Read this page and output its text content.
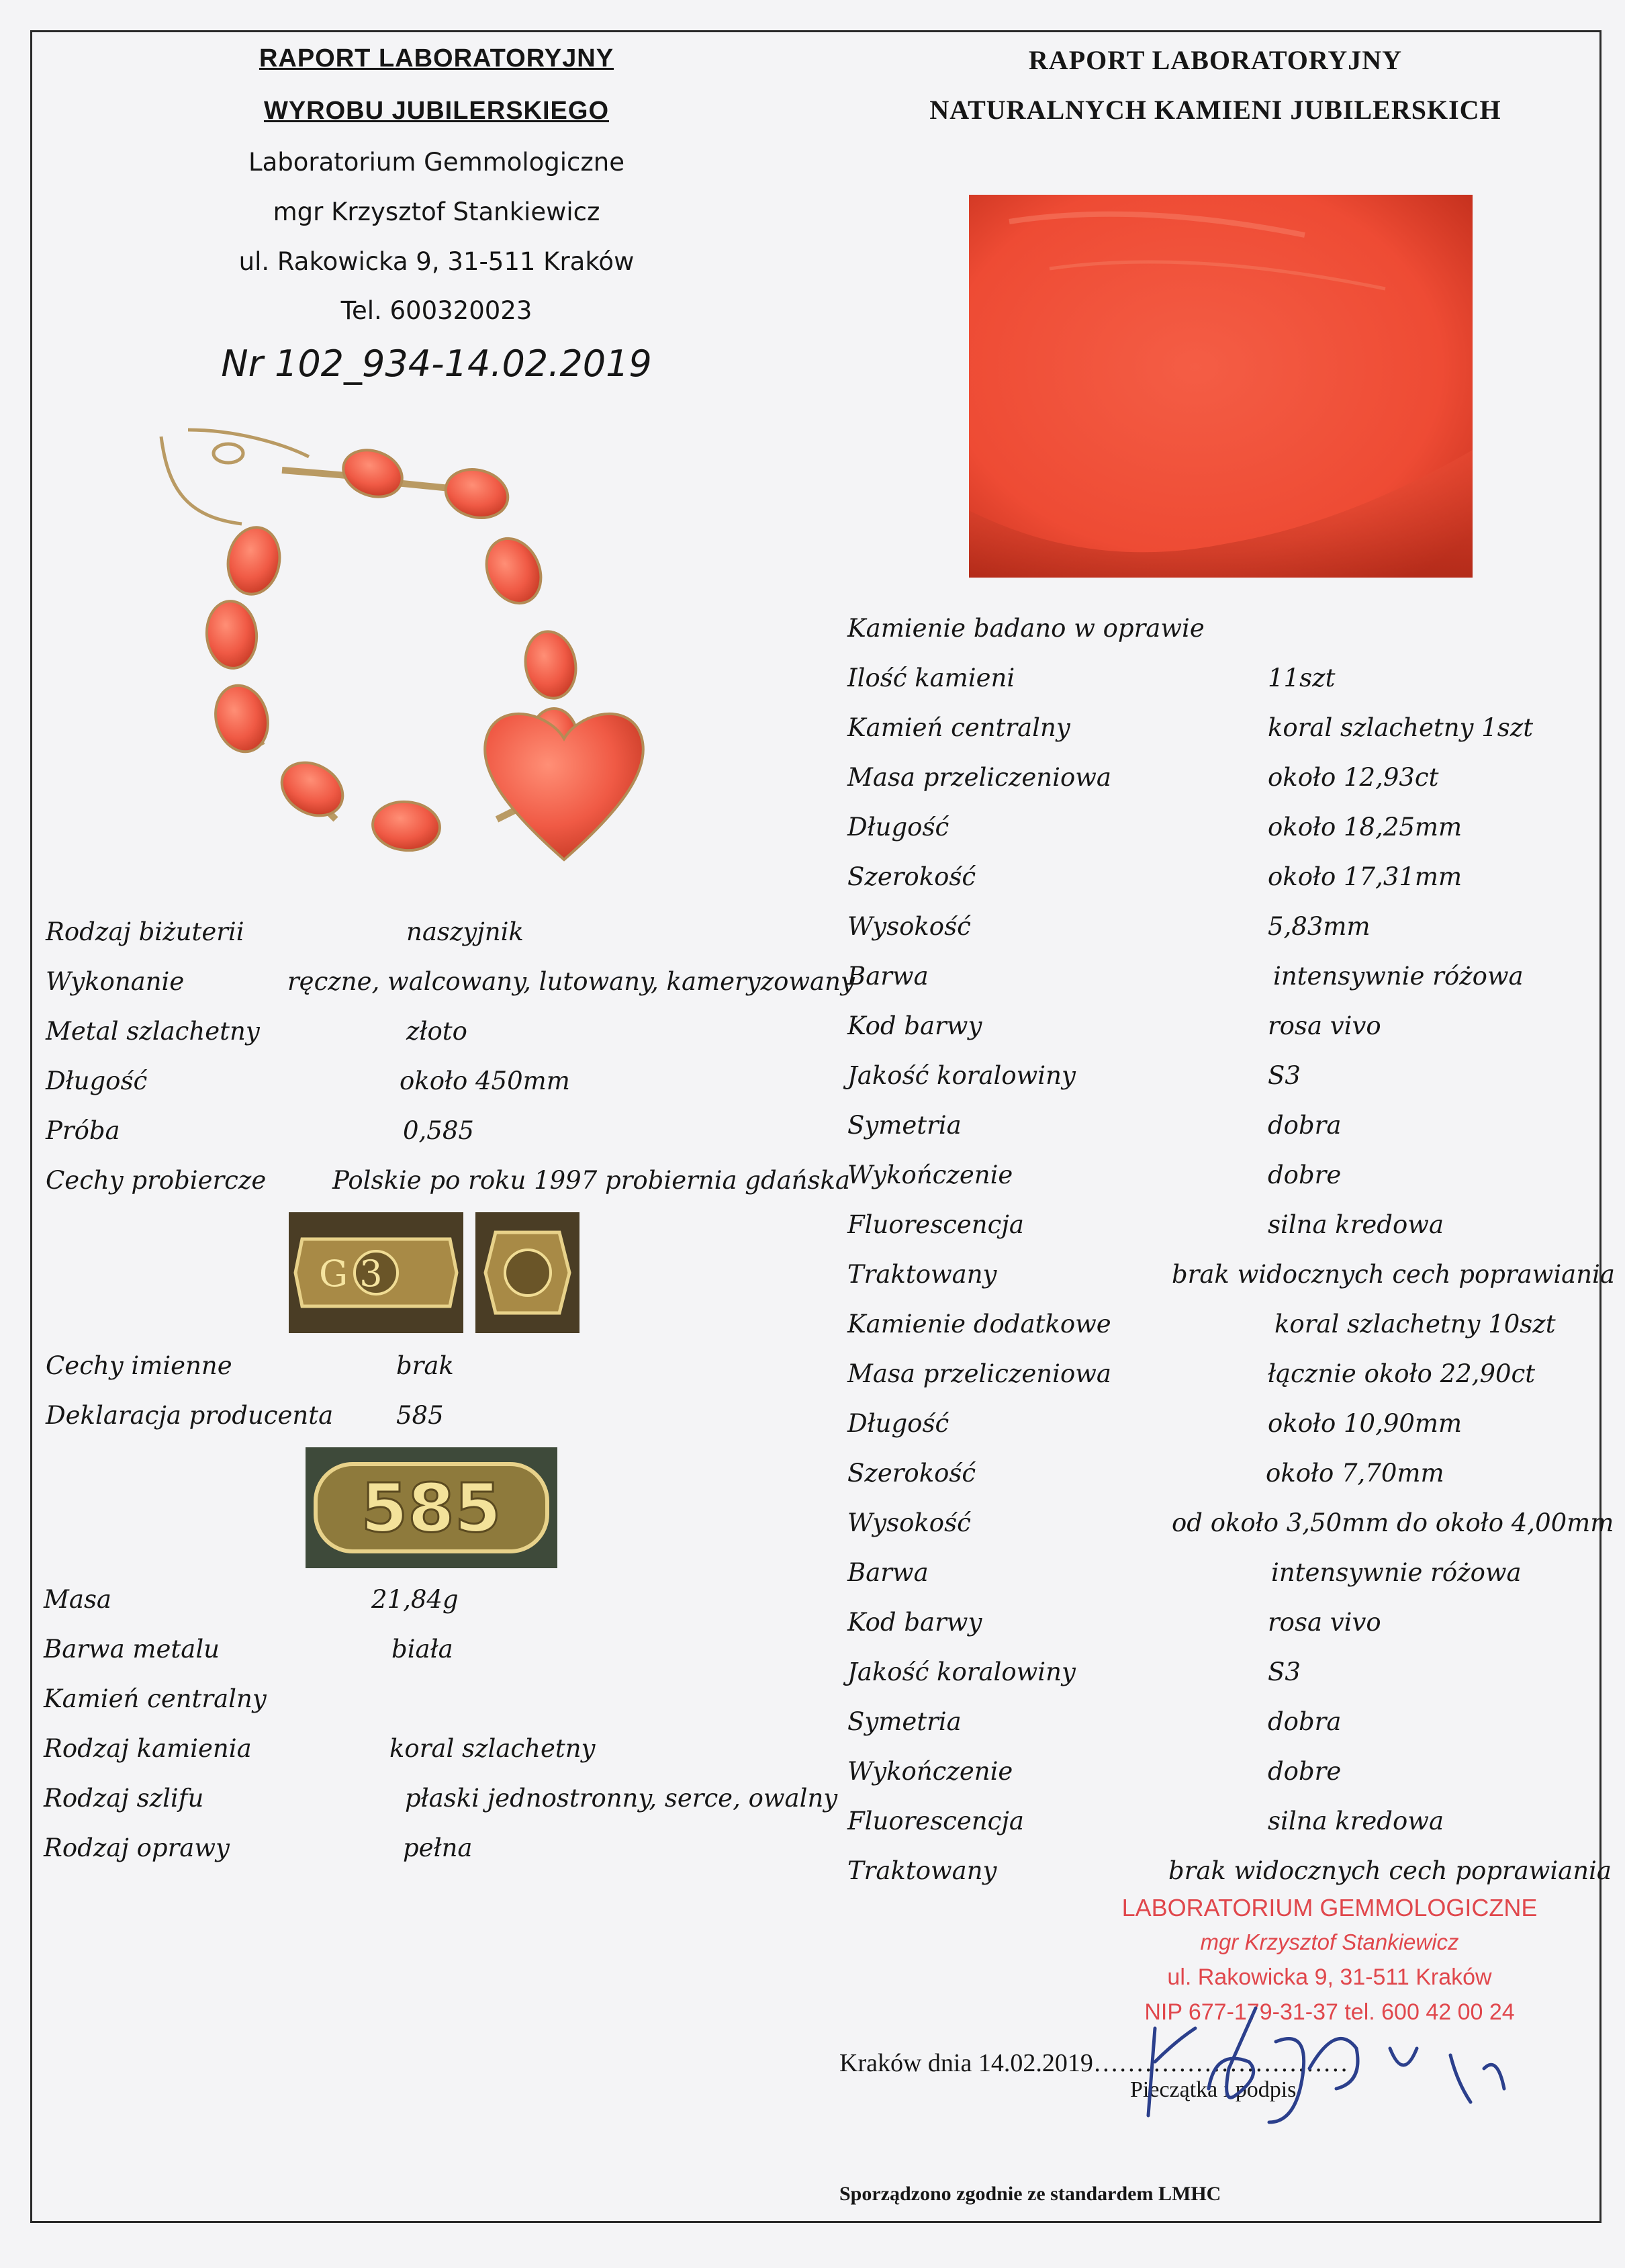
RAPORT LABORATORYJNY
WYROBU JUBILERSKIEGO
Laboratorium Gemmologiczne
mgr Krzysztof Stankiewicz
ul. Rakowicka 9, 31-511 Kraków
Tel. 600320023
Nr 102_934-14.02.2019
RAPORT LABORATORYJNY
NATURALNYCH KAMIENI JUBILERSKICH
Rodzaj biżuterii	naszyjnik
Wykonanie	ręczne, walcowany, lutowany, kameryzowany
Metal szlachetny	złoto
Długość	około 450mm
Próba	0,585
Cechy probiercze	Polskie po roku 1997 probiernia gdańska
G 3
Cechy imienne	brak
Deklaracja producenta	585
585
Masa	21,84g
Barwa metalu	biała
Kamień centralny
Rodzaj kamienia	koral szlachetny
Rodzaj szlifu	płaski jednostronny, serce, owalny
Rodzaj oprawy	pełna
Kamienie badano w oprawie
Ilość kamieni	11szt
Kamień centralny	koral szlachetny 1szt
Masa przeliczeniowa	około 12,93ct
Długość	około 18,25mm
Szerokość	około 17,31mm
Wysokość	5,83mm
Barwa	intensywnie różowa
Kod barwy	rosa vivo
Jakość koralowiny	S3
Symetria	dobra
Wykończenie	dobre
Fluorescencja	silna kredowa
Traktowany	brak widocznych cech poprawiania
Kamienie dodatkowe	koral szlachetny 10szt
Masa przeliczeniowa	łącznie około 22,90ct
Długość	około 10,90mm
Szerokość	około 7,70mm
Wysokość	od około 3,50mm do około 4,00mm
Barwa	intensywnie różowa
Kod barwy	rosa vivo
Jakość koralowiny	S3
Symetria	dobra
Wykończenie	dobre
Fluorescencja	silna kredowa
Traktowany	brak widocznych cech poprawiania
LABORATORIUM GEMMOLOGICZNE
mgr Krzysztof Stankiewicz
ul. Rakowicka 9, 31-511 Kraków
NIP 677-179-31-37 tel. 600 42 00 24
Kraków dnia 14.02.2019…………………………
Pieczątka i podpis
Sporządzono zgodnie ze standardem LMHC
